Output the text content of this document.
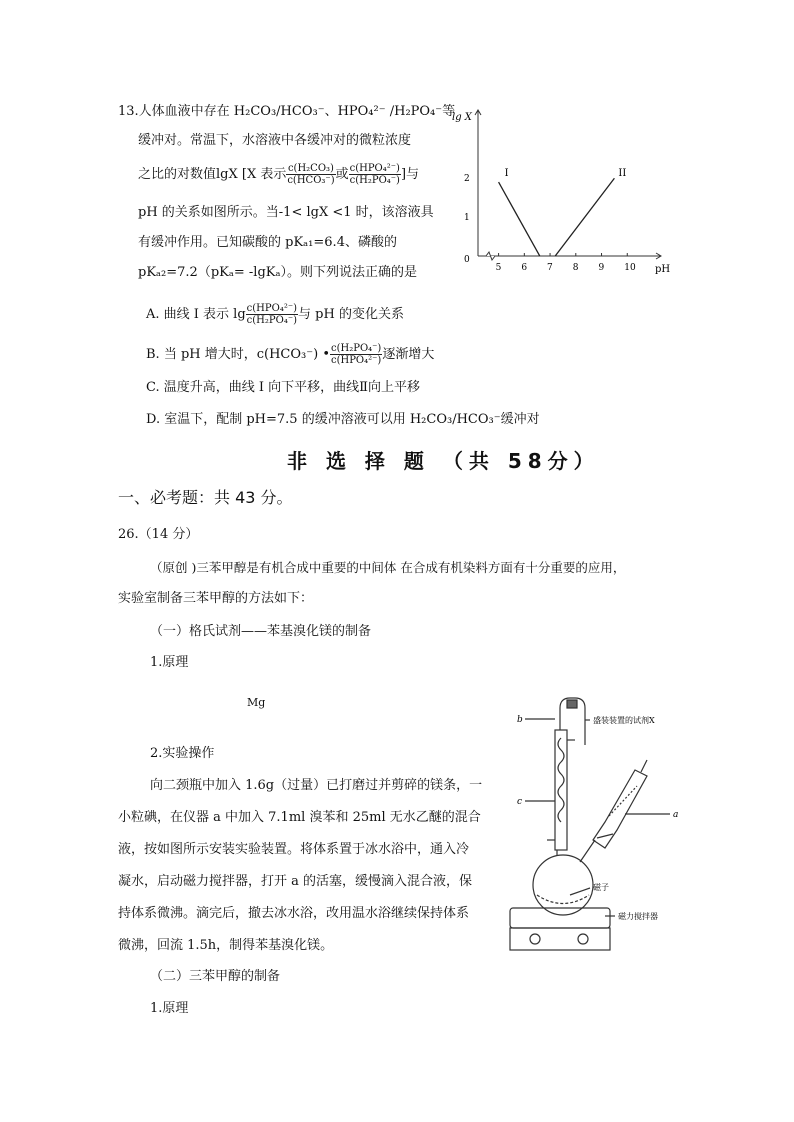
13.人体血液中存在 H₂CO₃/HCO₃⁻、HPO₄²⁻ /H₂PO₄⁻等
缓冲对。常温下，水溶液中各缓冲对的微粒浓度
之比的对数值lgX [X 表示 $\frac{\text{c(H₂CO₃)}}{\text{c(HCO₃⁻)}}$ 或 $\frac{\text{c(HPO₄²⁻)}}{\text{c(H₂PO₄⁻)}}$ ]与
pH 的关系如图所示。当-1< lgX <1 时，该溶液具
有缓冲作用。已知碳酸的 pKₐ₁=6.4、磷酸的
pKₐ₂=7.2（pKₐ= -lgKₐ）。则下列说法正确的是
lg X
pH
5 6 7 8 9 10
0
1
2
I	II
A. 曲线 I 表示 $\lg \frac{\text{c(HPO₄²⁻)}}{\text{c(H₂PO₄⁻)}}$ 与 pH 的变化关系
B. 当 pH 增大时，c(HCO₃⁻) • $\frac{\text{c(H₂PO₄⁻)}}{\text{c(HPO₄²⁻)}}$ 逐渐增大
C. 温度升高，曲线 I 向下平移，曲线Ⅱ向上平移
D. 室温下，配制 pH=7.5 的缓冲溶液可以用 H₂CO₃/HCO₃⁻缓冲对
非 选 择 题 （共 58分）
一、必考题：共 43 分。
26.（14 分）
（原创 )三苯甲醇是有机合成中重要的中间体 在合成有机染料方面有十分重要的应用，
实验室制备三苯甲醇的方法如下：
（一）格氏试剂——苯基溴化镁的制备
1.原理
Mg
2.实验操作
向二颈瓶中加入 1.6g（过量）已打磨过并剪碎的镁条，一
小粒碘，在仪器 a 中加入 7.1ml 溴苯和 25ml 无水乙醚的混合
液，按如图所示安装实验装置。将体系置于冰水浴中，通入冷
凝水，启动磁力搅拌器，打开 a 的活塞，缓慢滴入混合液，保
持体系微沸。滴完后，撤去冰水浴，改用温水浴继续保持体系
微沸，回流 1.5h，制得苯基溴化镁。
（二）三苯甲醇的制备
1.原理
b
c
a
盛装装置的试剂X
磁子
磁力搅拌器
